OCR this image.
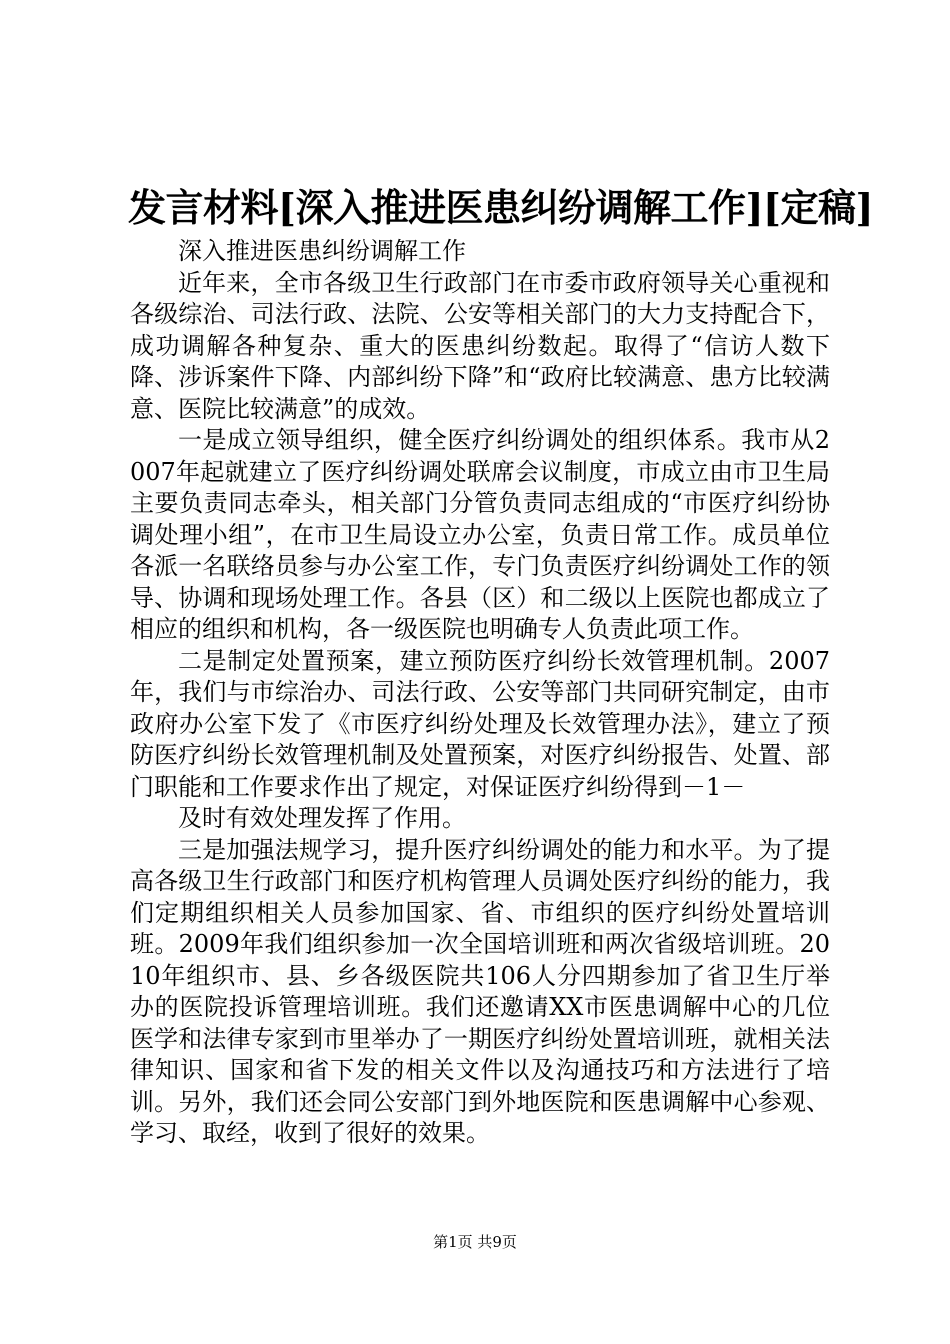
发言材料[深入推进医患纠纷调解工作][定稿]

深入推进医患纠纷调解工作

近年来，全市各级卫生行政部门在市委市政府领导关心重视和各级综治、司法行政、法院、公安等相关部门的大力支持配合下，成功调解各种复杂、重大的医患纠纷数起。取得了“信访人数下降、涉诉案件下降、内部纠纷下降”和“政府比较满意、患方比较满意、医院比较满意”的成效。

一是成立领导组织，健全医疗纠纷调处的组织体系。我市从2007年起就建立了医疗纠纷调处联席会议制度，市成立由市卫生局主要负责同志牵头，相关部门分管负责同志组成的“市医疗纠纷协调处理小组”，在市卫生局设立办公室，负责日常工作。成员单位各派一名联络员参与办公室工作，专门负责医疗纠纷调处工作的领导、协调和现场处理工作。各县（区）和二级以上医院也都成立了相应的组织和机构，各一级医院也明确专人负责此项工作。

二是制定处置预案，建立预防医疗纠纷长效管理机制。2007年，我们与市综治办、司法行政、公安等部门共同研究制定，由市政府办公室下发了《市医疗纠纷处理及长效管理办法》，建立了预防医疗纠纷长效管理机制及处置预案，对医疗纠纷报告、处置、部门职能和工作要求作出了规定，对保证医疗纠纷得到－1－

及时有效处理发挥了作用。

三是加强法规学习，提升医疗纠纷调处的能力和水平。为了提高各级卫生行政部门和医疗机构管理人员调处医疗纠纷的能力，我们定期组织相关人员参加国家、省、市组织的医疗纠纷处置培训班。2009年我们组织参加一次全国培训班和两次省级培训班。2010年组织市、县、乡各级医院共106人分四期参加了省卫生厅举办的医院投诉管理培训班。我们还邀请XX市医患调解中心的几位医学和法律专家到市里举办了一期医疗纠纷处置培训班，就相关法律知识、国家和省下发的相关文件以及沟通技巧和方法进行了培训。另外，我们还会同公安部门到外地医院和医患调解中心参观、学习、取经，收到了很好的效果。

第1页 共9页
